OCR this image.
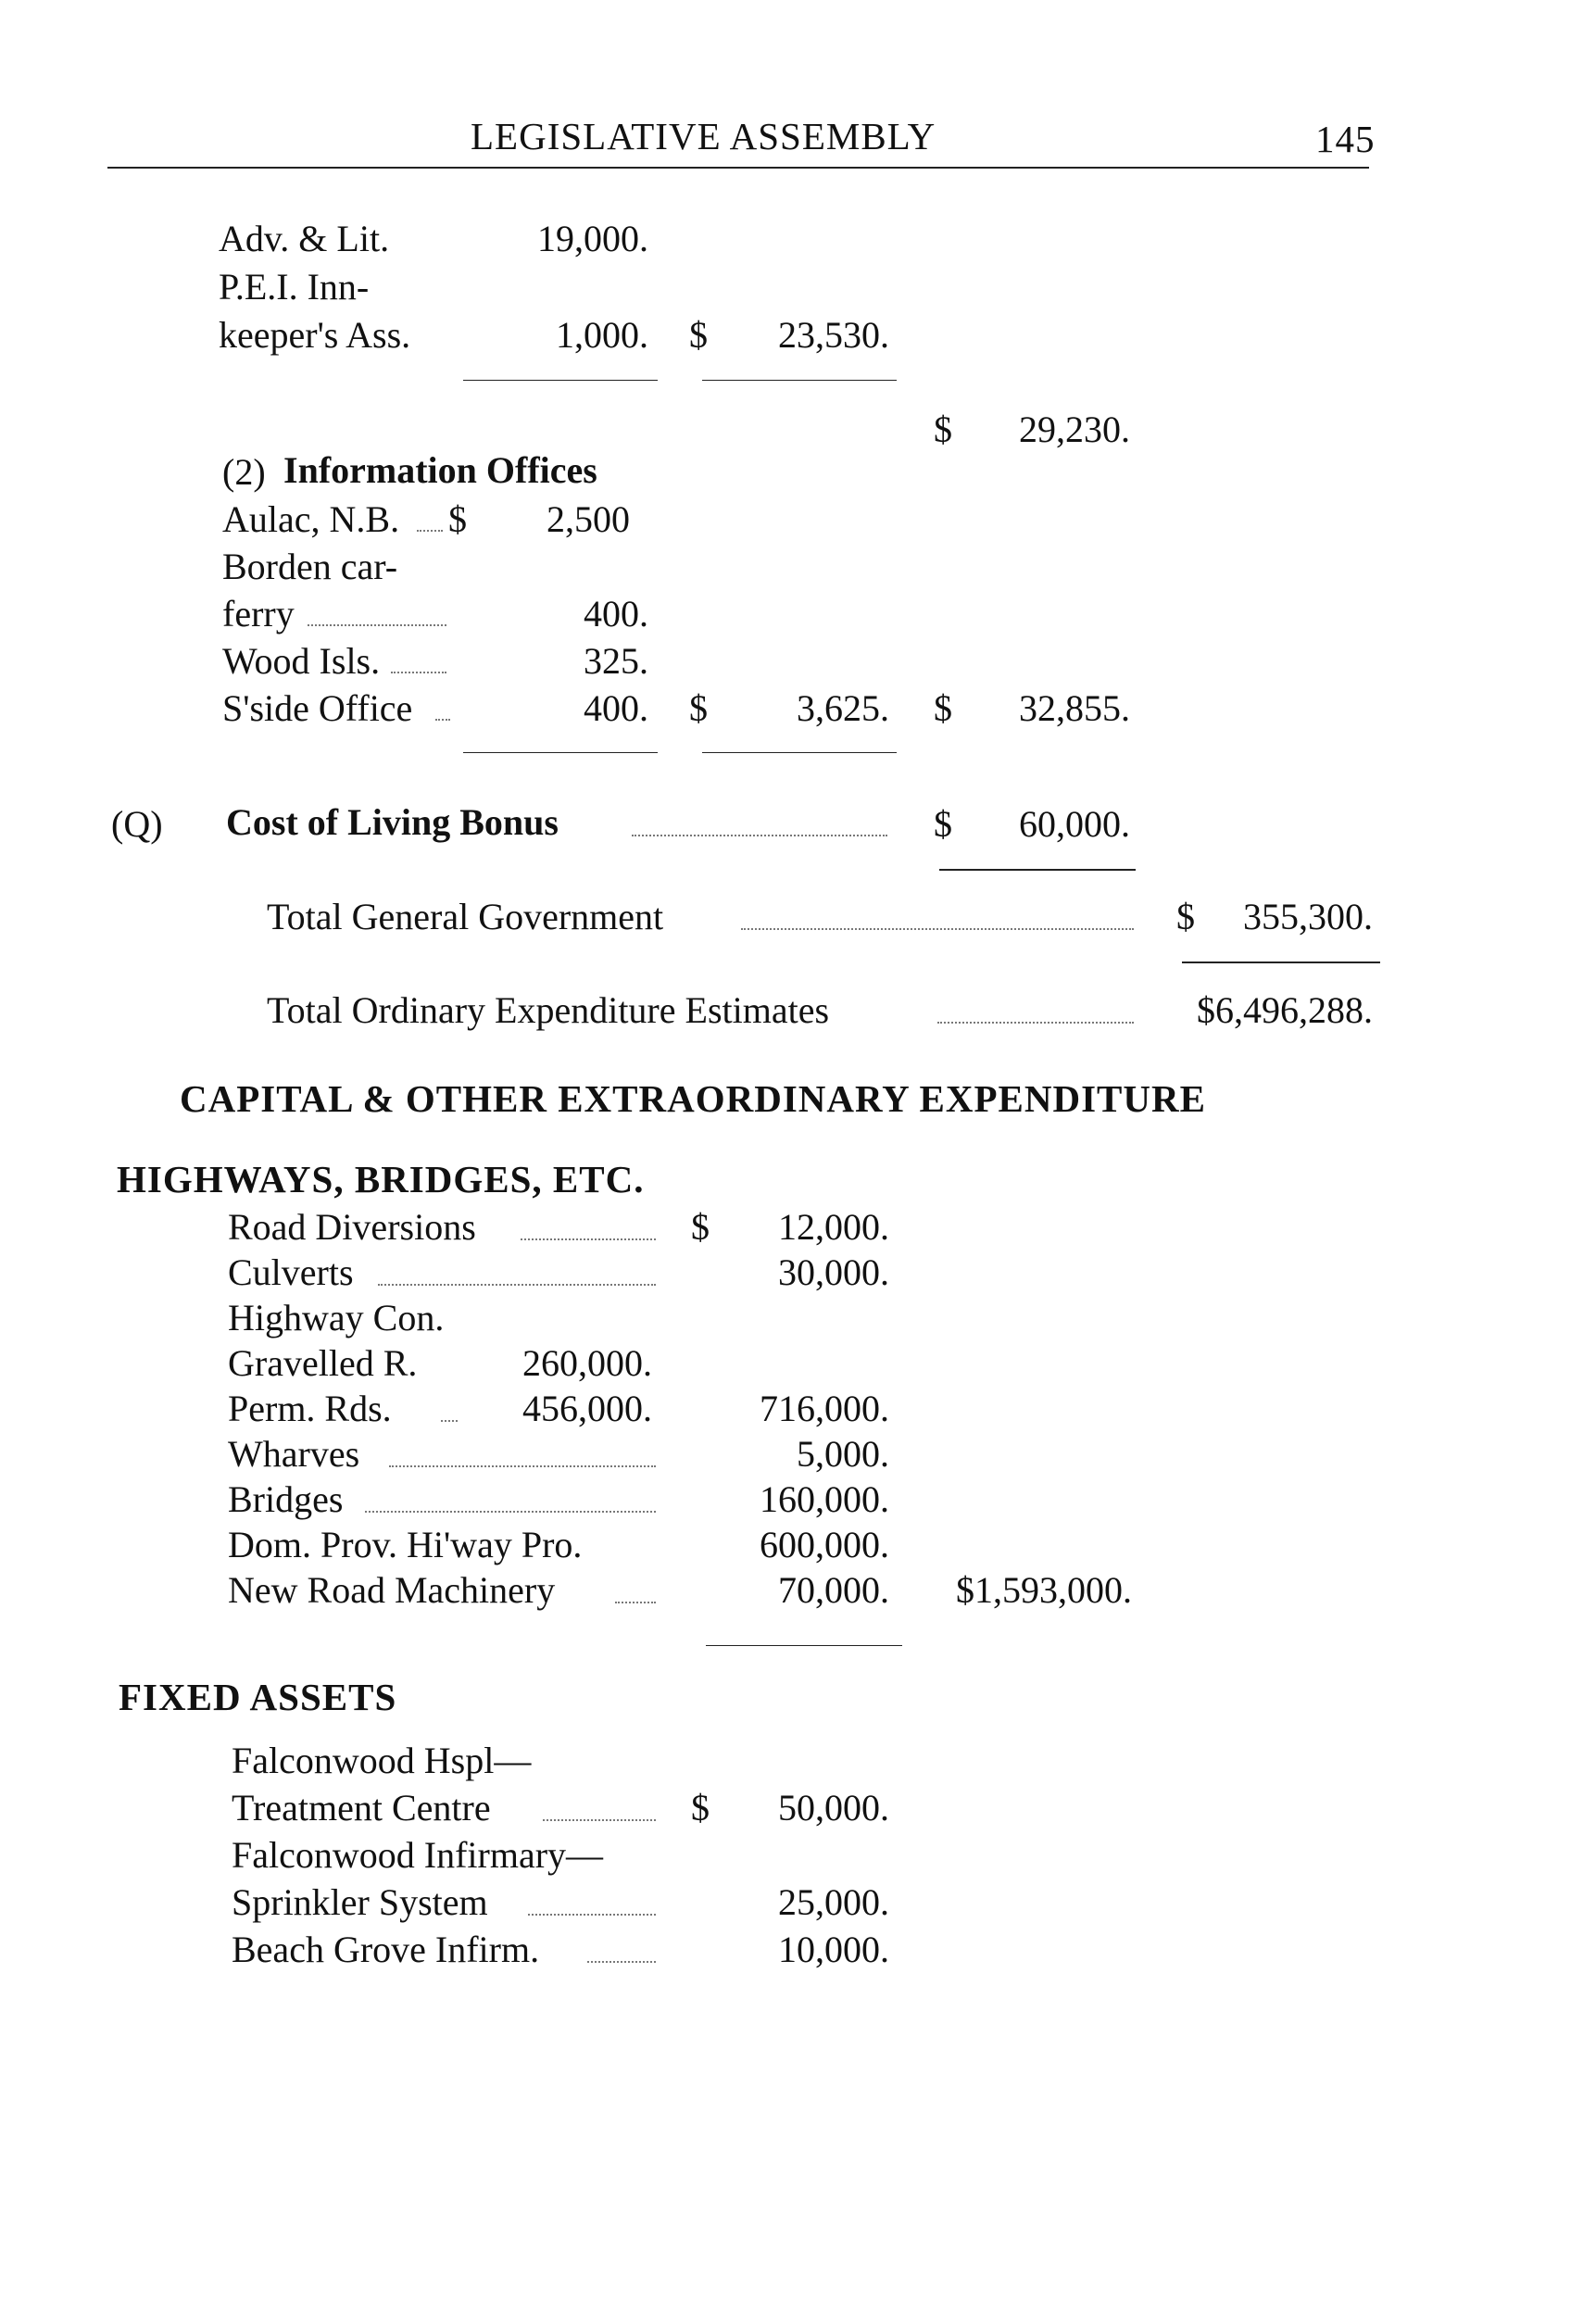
LEGISLATIVE ASSEMBLY	145
Adv. & Lit.	19,000.
P.E.I. Inn-
keeper's Ass.	1,000. $	23,530.
$	29,230.
(2) Information Offices
Aulac, N.B. $	2,500
Borden car-
ferry	400.
Wood Isls.	325.
S'side Office	400. $	3,625. $	32,855.
(Q) Cost of Living Bonus	$	60,000.
Total General Government	$	355,300.
Total Ordinary Expenditure Estimates	$6,496,288.
CAPITAL & OTHER EXTRAORDINARY EXPENDITURE
HIGHWAYS, BRIDGES, ETC.
Road Diversions	$	12,000.
Culverts	30,000.
Highway Con.
Gravelled R.	260,000.
Perm. Rds.	456,000.	716,000.
Wharves	5,000.
Bridges	160,000.
Dom. Prov. Hi'way Pro.	600,000.
New Road Machinery	70,000.	$1,593,000.
FIXED ASSETS
Falconwood Hspl—
Treatment Centre	$	50,000.
Falconwood Infirmary—
Sprinkler System	25,000.
Beach Grove Infirm.	10,000.
